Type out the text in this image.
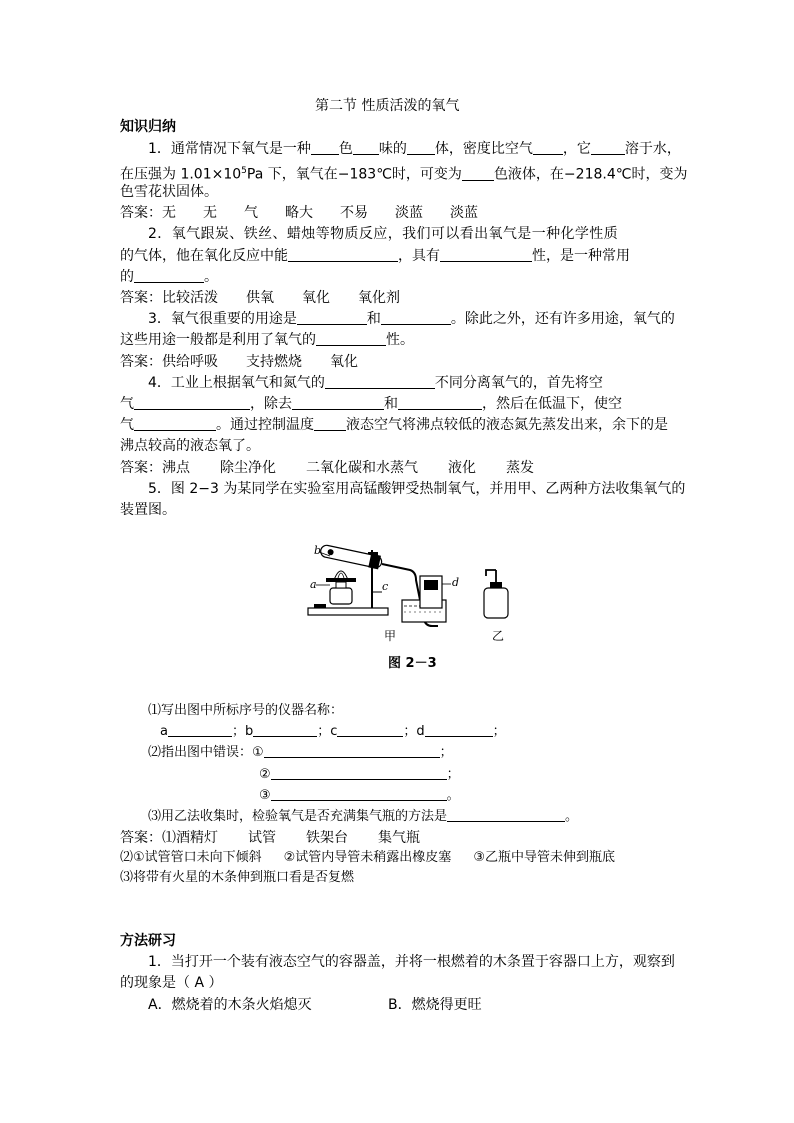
第二节 性质活泼的氧气
知识归纳
1．通常情况下氧气是一种 色 味的 体，密度比空气 ，它 溶于水，
在压强为 $1.01\times 10^5Pa$ 下，氧气在−183℃时，可变为 色液体，在−218.4℃时，变为
色雪花状固体。
答案：无 无 气 略大 不易 淡蓝 淡蓝
2．氧气跟炭、铁丝、蜡烛等物质反应，我们可以看出氧气是一种化学性质
的气体，他在氧化反应中能	，具有	性，是一种常用
的	。
答案：比较活泼 供氧 氧化 氧化剂
3．氧气很重要的用途是	和	。除此之外，还有许多用途，氧气的
这些用途一般都是利用了氧气的	性。
答案：供给呼吸 支持燃烧 氧化
4．工业上根据氧气和氮气的	不同分离氧气的，首先将空
气	，除去	和	，然后在低温下，使空
气	。通过控制温度 液态空气将沸点较低的液态氮先蒸发出来，余下的是
沸点较高的液态氧了。
答案：沸点 除尘净化 二氧化碳和水蒸气 液化 蒸发
5．图 2−3 为某同学在实验室用高锰酸钾受热制氧气，并用甲、乙两种方法收集氧气的
装置图。
b
a	c	d
甲	乙
图 2－3
⑴写出图中所标序号的仪器名称：
a	；b	；c	；d	；
⑵指出图中错误：①	；
②	；
③	。
⑶用乙法收集时，检验氧气是否充满集气瓶的方法是	。
答案：⑴酒精灯 试管 铁架台 集气瓶
⑵①试管管口未向下倾斜 ②试管内导管未稍露出橡皮塞 ③乙瓶中导管未伸到瓶底
⑶将带有火星的木条伸到瓶口看是否复燃
方法研习
1．当打开一个装有液态空气的容器盖，并将一根燃着的木条置于容器口上方，观察到
的现象是（ A ）
A．燃烧着的木条火焰熄灭	B．燃烧得更旺
